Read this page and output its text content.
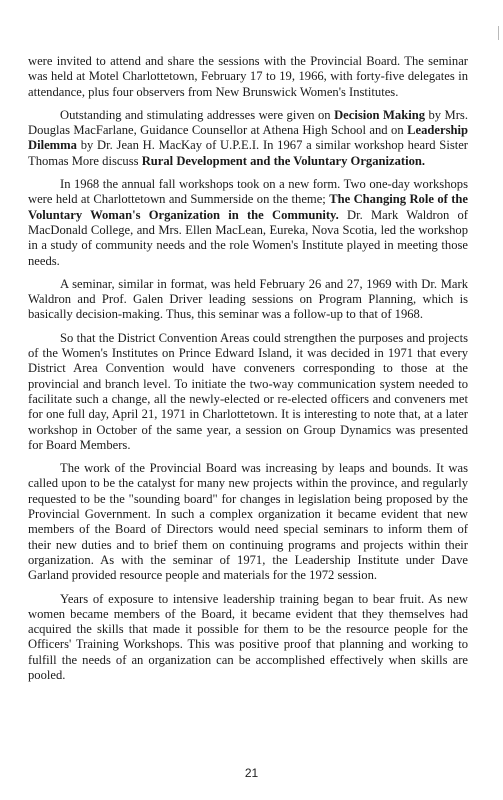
were invited to attend and share the sessions with the Provincial Board. The seminar was held at Motel Charlottetown, February 17 to 19, 1966, with forty-five delegates in attendance, plus four observers from New Brunswick Women's Institutes.

Outstanding and stimulating addresses were given on Decision Making by Mrs. Douglas MacFarlane, Guidance Counsellor at Athena High School and on Leadership Dilemma by Dr. Jean H. MacKay of U.P.E.I. In 1967 a similar workshop heard Sister Thomas More discuss Rural Development and the Voluntary Organization.

In 1968 the annual fall workshops took on a new form. Two one-day workshops were held at Charlottetown and Summerside on the theme; The Changing Role of the Voluntary Woman's Organization in the Community. Dr. Mark Waldron of MacDonald College, and Mrs. Ellen MacLean, Eureka, Nova Scotia, led the workshop in a study of community needs and the role Women's Institute played in meeting those needs.

A seminar, similar in format, was held February 26 and 27, 1969 with Dr. Mark Waldron and Prof. Galen Driver leading sessions on Program Planning, which is basically decision-making. Thus, this seminar was a follow-up to that of 1968.

So that the District Convention Areas could strengthen the purposes and projects of the Women's Institutes on Prince Edward Island, it was decided in 1971 that every District Area Convention would have conveners corresponding to those at the provincial and branch level. To initiate the two-way communication system needed to facilitate such a change, all the newly-elected or re-elected officers and conveners met for one full day, April 21, 1971 in Charlottetown. It is interesting to note that, at a later workshop in October of the same year, a session on Group Dynamics was presented for Board Members.

The work of the Provincial Board was increasing by leaps and bounds. It was called upon to be the catalyst for many new projects within the province, and regularly requested to be the "sounding board" for changes in legislation being proposed by the Provincial Government. In such a complex organization it became evident that new members of the Board of Directors would need special seminars to inform them of their new duties and to brief them on continuing programs and projects within their organization. As with the seminar of 1971, the Leadership Institute under Dave Garland provided resource people and materials for the 1972 session.

Years of exposure to intensive leadership training began to bear fruit. As new women became members of the Board, it became evident that they themselves had acquired the skills that made it possible for them to be the resource people for the Officers' Training Workshops. This was positive proof that planning and working to fulfill the needs of an organization can be accomplished effectively when skills are pooled.

21
